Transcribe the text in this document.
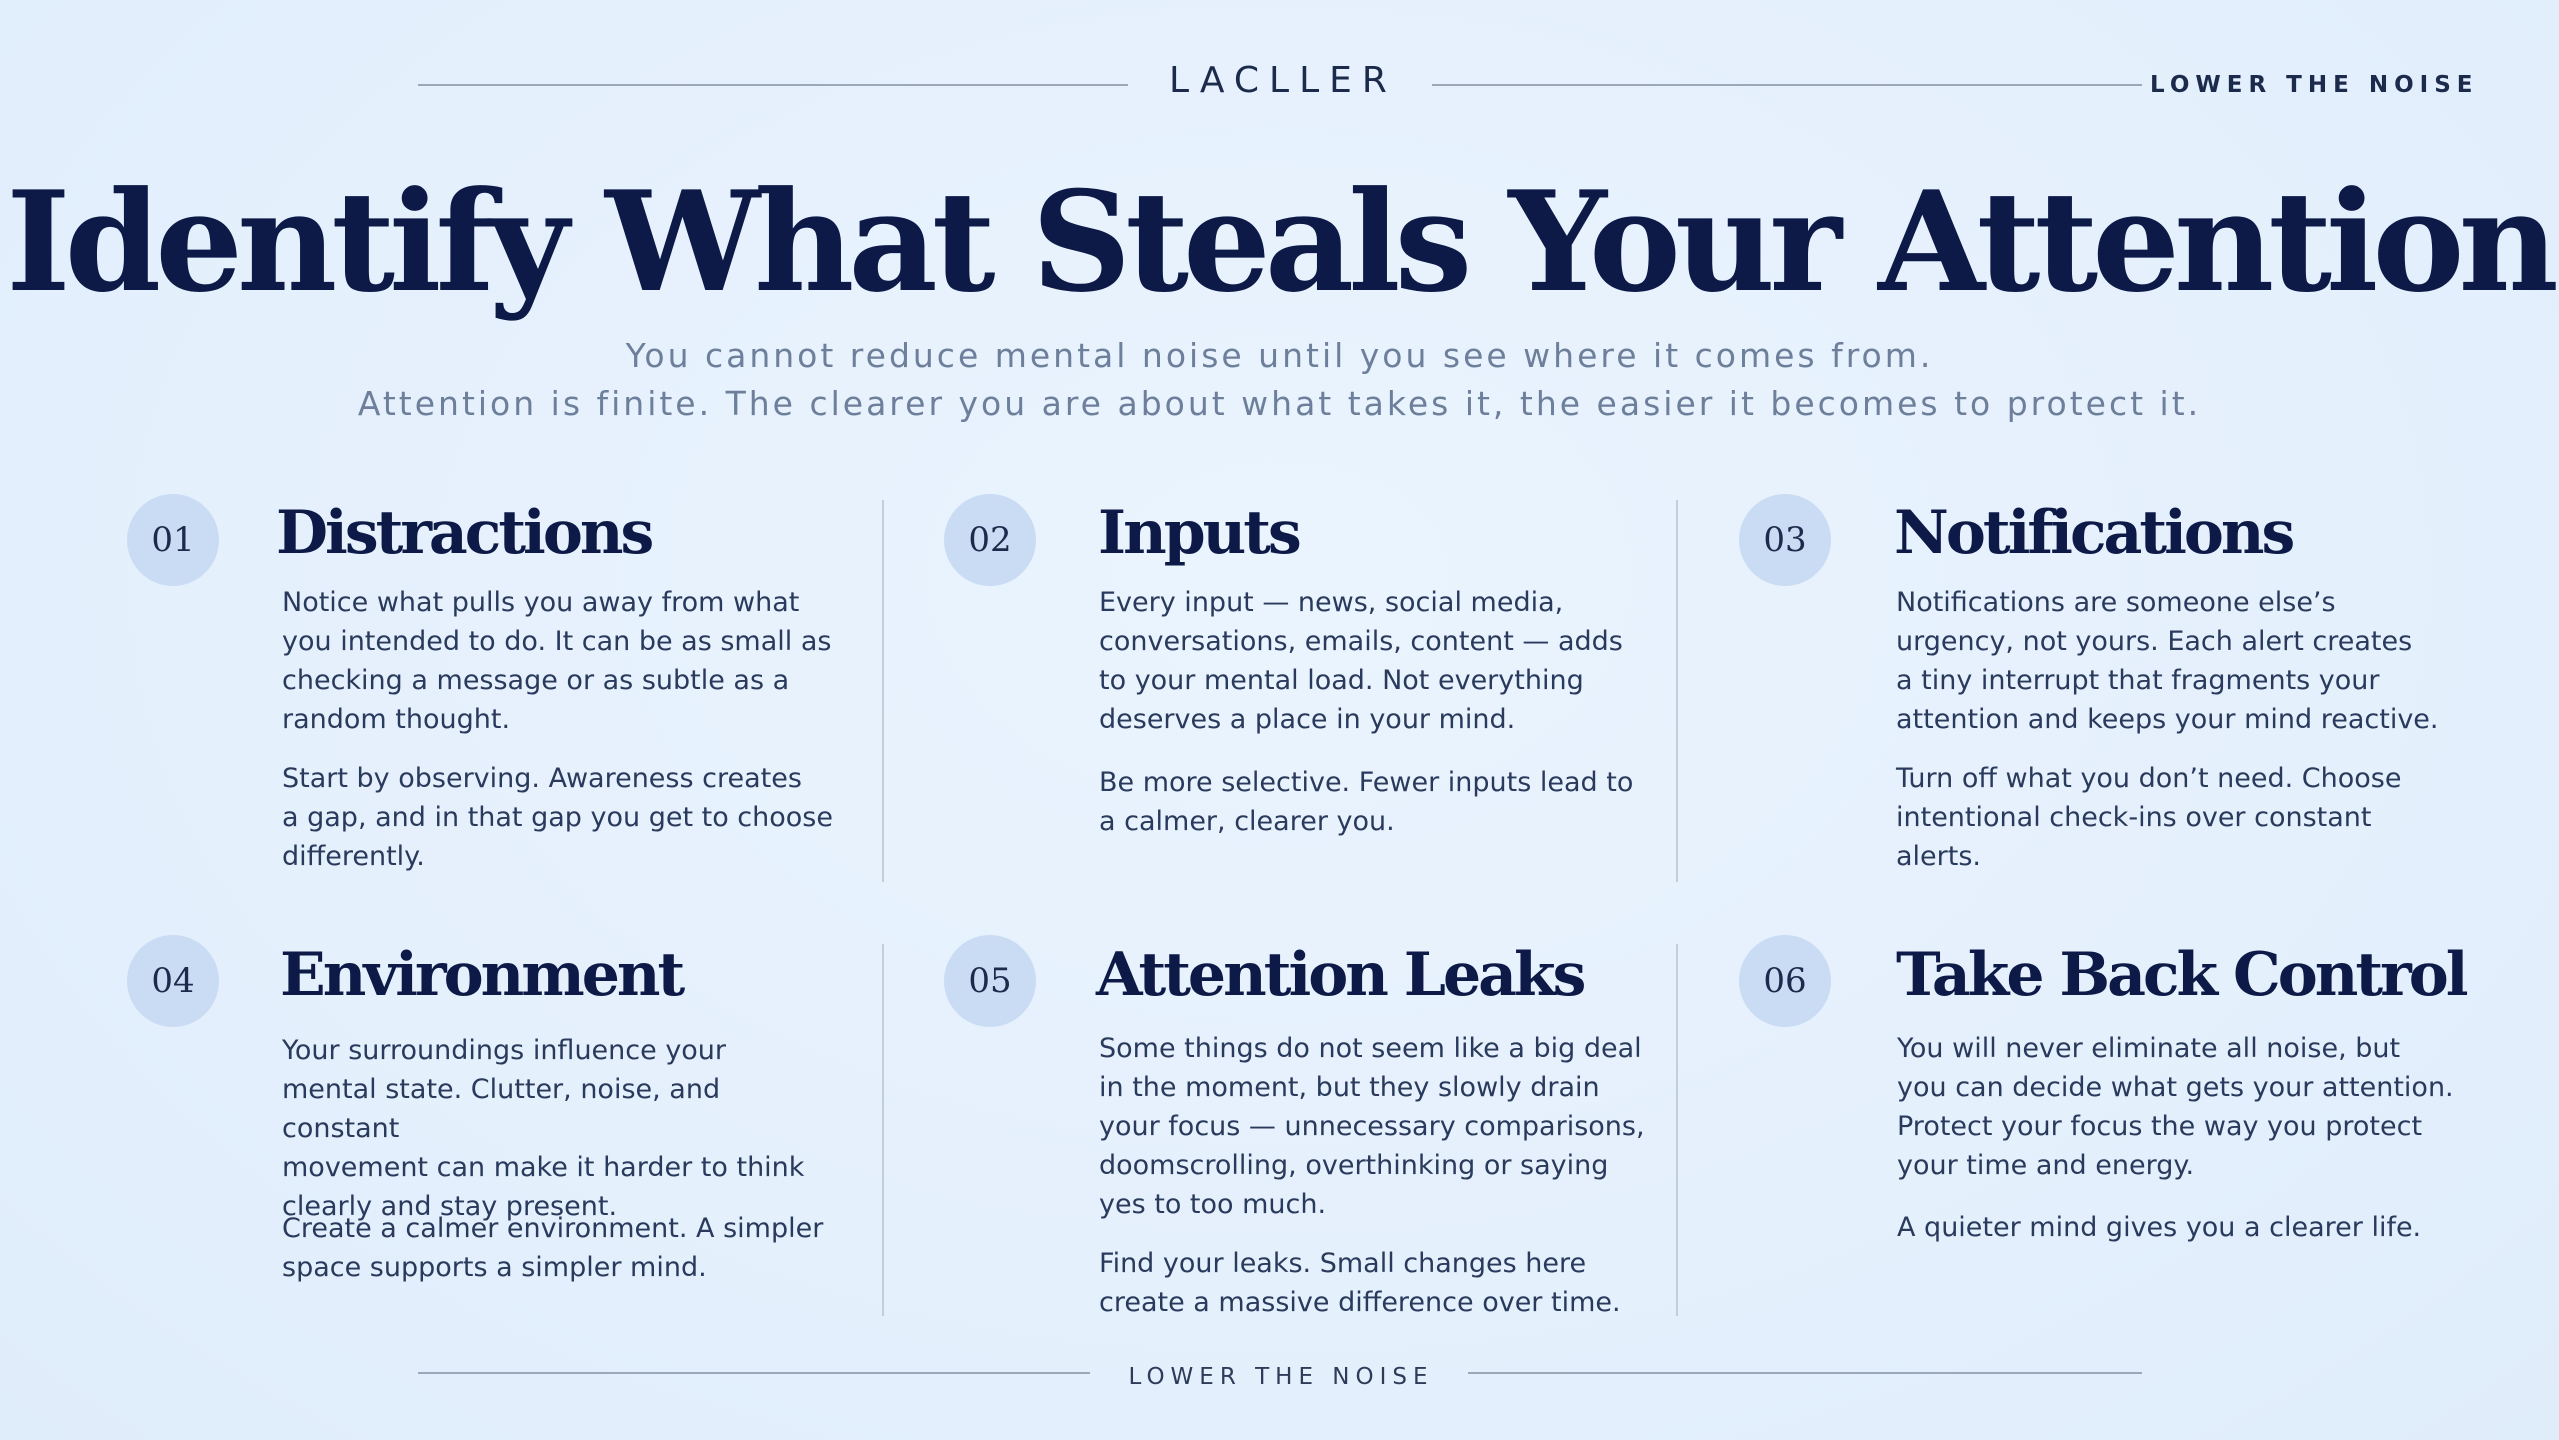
LACLLER	LOWER THE NOISE
Identify What Steals Your Attention
You cannot reduce mental noise until you see where it comes from.
Attention is finite. The clearer you are about what takes it, the easier it becomes to protect it.
01	Distractions
Notice what pulls you away from what
you intended to do. It can be as small as
checking a message or as subtle as a
random thought.
Start by observing. Awareness creates
a gap, and in that gap you get to choose
differently.
02	Inputs
Every input — news, social media,
conversations, emails, content — adds
to your mental load. Not everything
deserves a place in your mind.
Be more selective. Fewer inputs lead to
a calmer, clearer you.
03	Notifications
Notifications are someone else’s
urgency, not yours. Each alert creates
a tiny interrupt that fragments your
attention and keeps your mind reactive.
Turn off what you don’t need. Choose
intentional check-ins over constant
alerts.
04	Environment
Your surroundings influence your
mental state. Clutter, noise, and constant
movement can make it harder to think
clearly and stay present.
Create a calmer environment. A simpler
space supports a simpler mind.
05	Attention Leaks
Some things do not seem like a big deal
in the moment, but they slowly drain
your focus — unnecessary comparisons,
doomscrolling, overthinking or saying
yes to too much.
Find your leaks. Small changes here
create a massive difference over time.
06	Take Back Control
You will never eliminate all noise, but
you can decide what gets your attention.
Protect your focus the way you protect
your time and energy.
A quieter mind gives you a clearer life.
LOWER THE NOISE
